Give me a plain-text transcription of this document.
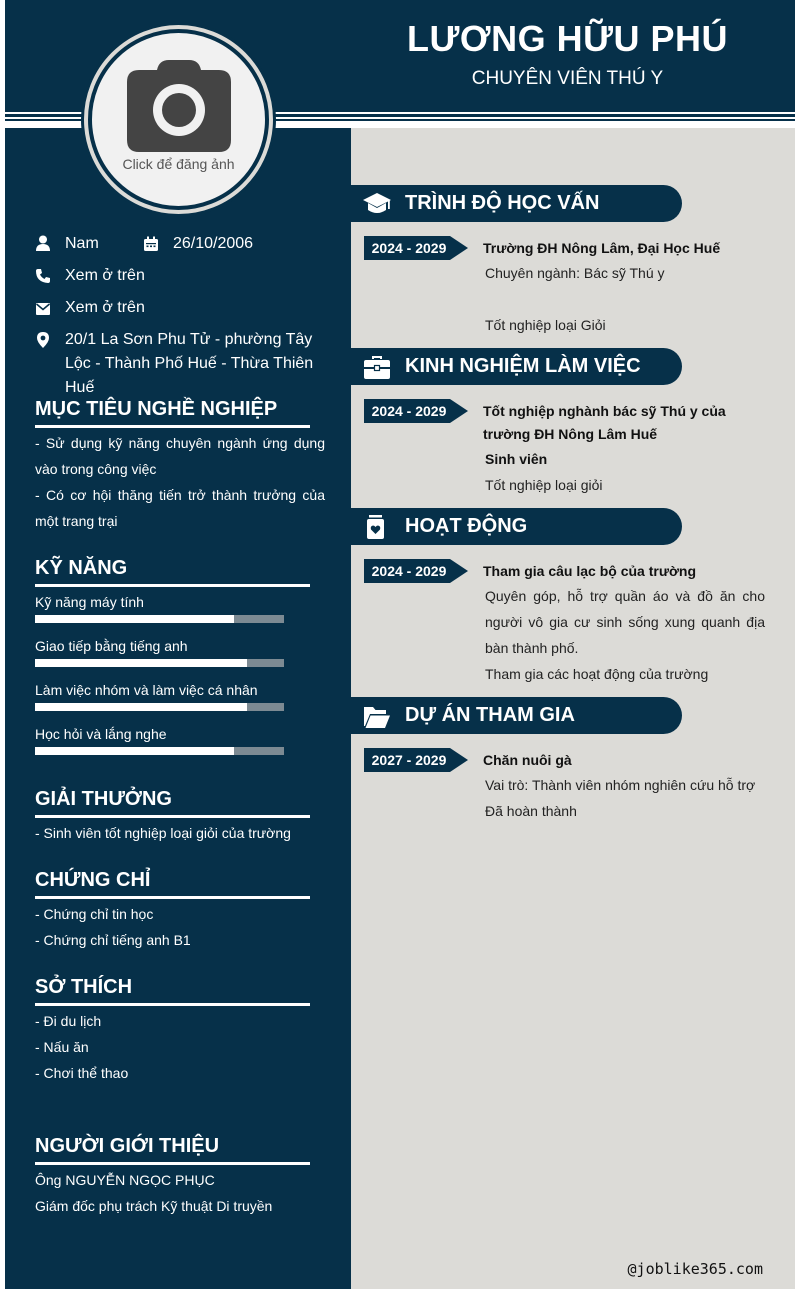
LƯƠNG HỮU PHÚ
CHUYÊN VIÊN THÚ Y
Click để đăng ảnh
Nam	26/10/2006
Xem ở trên
Xem ở trên
20/1 La Sơn Phu Tử - phường Tây Lộc - Thành Phố Huế - Thừa Thiên Huế
MỤC TIÊU NGHỀ NGHIỆP
- Sử dụng kỹ năng chuyên ngành ứng dụng vào trong công việc
- Có cơ hội thăng tiến trở thành trưởng của một trang trại
KỸ NĂNG
Kỹ năng máy tính
Giao tiếp bằng tiếng anh
Làm việc nhóm và làm việc cá nhân
Học hỏi và lắng nghe
GIẢI THƯỞNG
- Sinh viên tốt nghiệp loại giỏi của trường
CHỨNG CHỈ
- Chứng chỉ tin học
- Chứng chỉ tiếng anh B1
SỞ THÍCH
- Đi du lịch
- Nấu ăn
- Chơi thể thao
NGƯỜI GIỚI THIỆU
Ông NGUYỄN NGỌC PHỤC
Giám đốc phụ trách Kỹ thuật Di truyền
TRÌNH ĐỘ HỌC VẤN
2024 - 2029	Trường ĐH Nông Lâm, Đại Học Huế
Chuyên ngành: Bác sỹ Thú y
Tốt nghiệp loại Giỏi
KINH NGHIỆM LÀM VIỆC
2024 - 2029	Tốt nghiệp nghành bác sỹ Thú y của trường ĐH Nông Lâm Huế
Sinh viên
Tốt nghiệp loại giỏi
HOẠT ĐỘNG
2024 - 2029	Tham gia câu lạc bộ của trường
Quyên góp, hỗ trợ quần áo và đồ ăn cho người vô gia cư sinh sống xung quanh địa bàn thành phố.
Tham gia các hoạt động của trường
DỰ ÁN THAM GIA
2027 - 2029	Chăn nuôi gà
Vai trò: Thành viên nhóm nghiên cứu hỗ trợ
Đã hoàn thành
@joblike365.com
